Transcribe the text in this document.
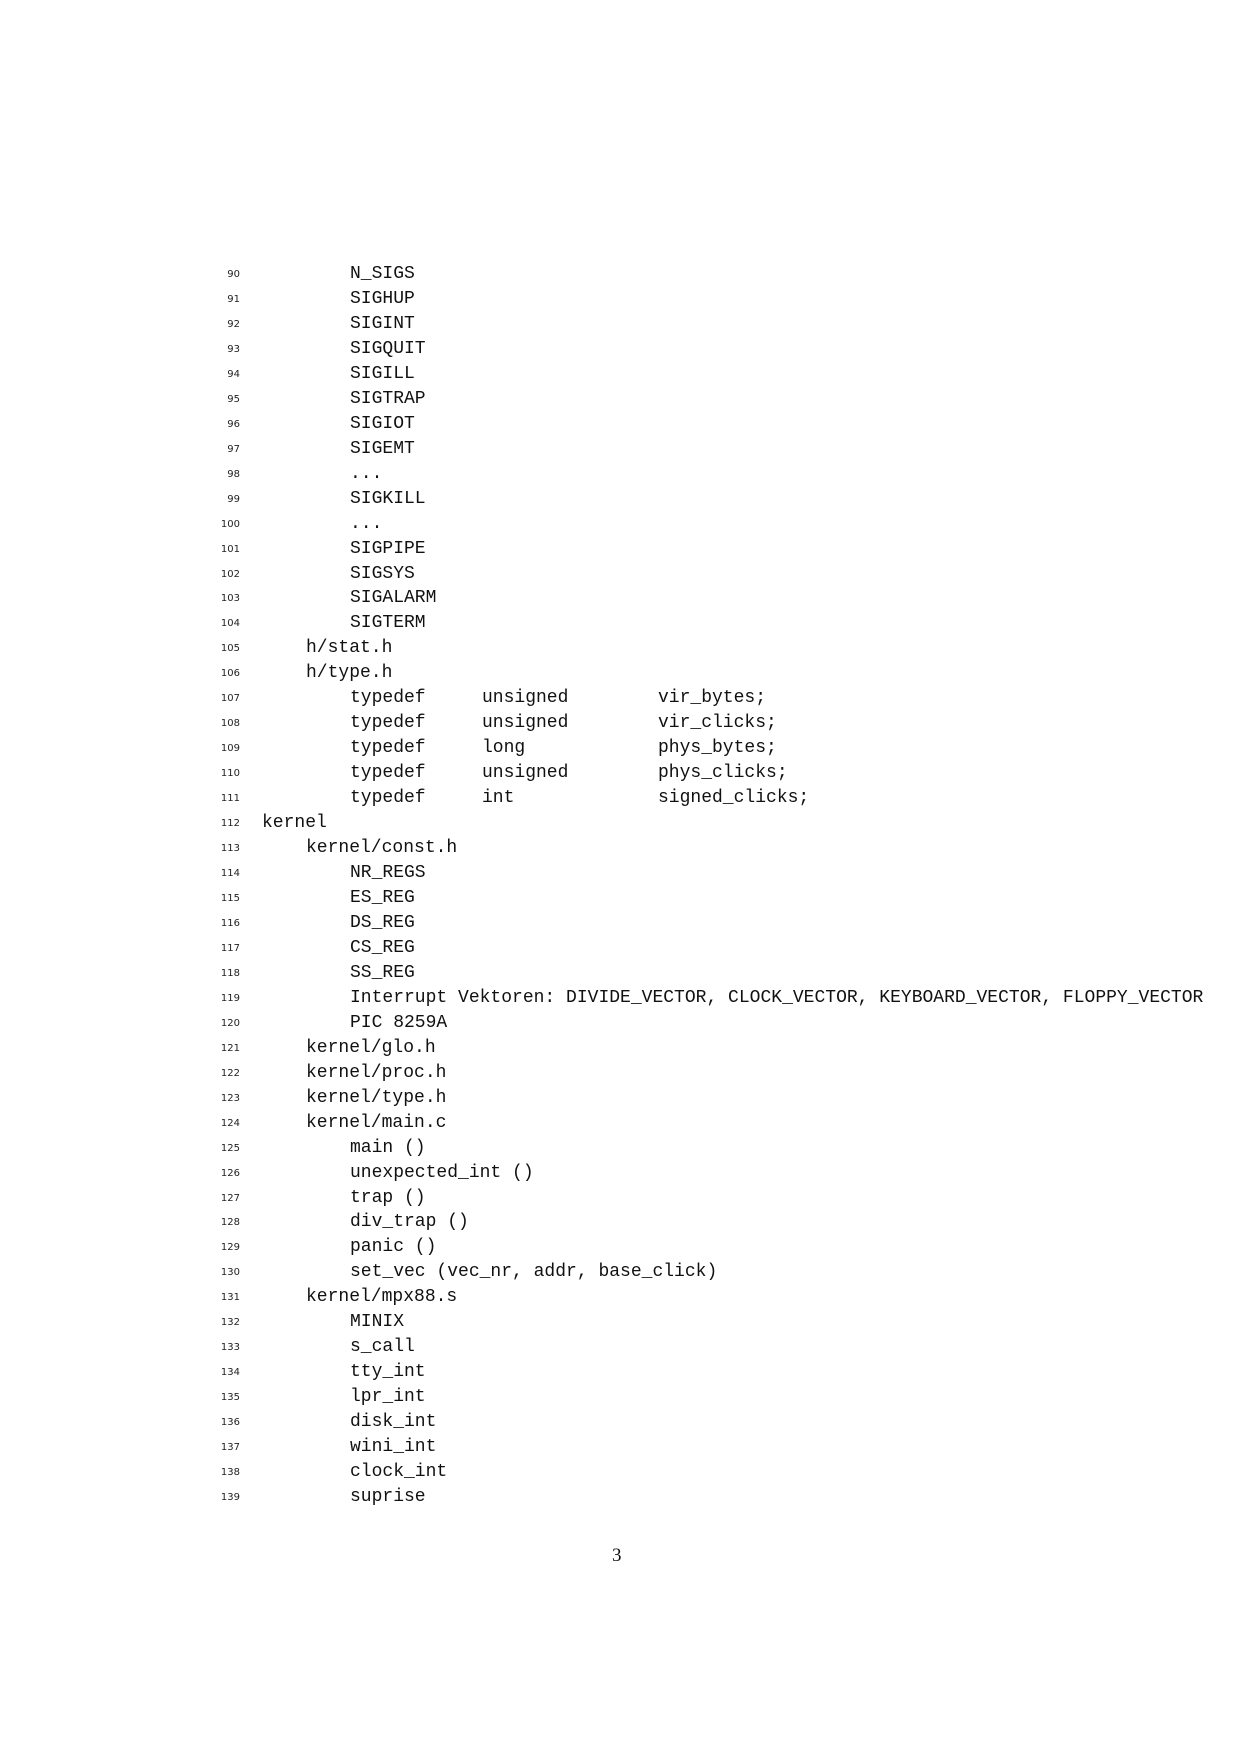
90	N_SIGS
91	SIGHUP
92	SIGINT
93	SIGQUIT
94	SIGILL
95	SIGTRAP
96	SIGIOT
97	SIGEMT
98	...
99	SIGKILL
100	...
101	SIGPIPE
102	SIGSYS
103	SIGALARM
104	SIGTERM
105	h/stat.h
106	h/type.h
107	typedef	unsigned	vir_bytes;
108	typedef	unsigned	vir_clicks;
109	typedef	long	phys_bytes;
110	typedef	unsigned	phys_clicks;
111	typedef	int	signed_clicks;
112 kernel
113	kernel/const.h
114	NR_REGS
115	ES_REG
116	DS_REG
117	CS_REG
118	SS_REG
119	Interrupt Vektoren: DIVIDE_VECTOR, CLOCK_VECTOR, KEYBOARD_VECTOR, FLOPPY_VECTOR
120	PIC 8259A
121	kernel/glo.h
122	kernel/proc.h
123	kernel/type.h
124	kernel/main.c
125	main ()
126	unexpected_int ()
127	trap ()
128	div_trap ()
129	panic ()
130	set_vec (vec_nr, addr, base_click)
131	kernel/mpx88.s
132	MINIX
133	s_call
134	tty_int
135	lpr_int
136	disk_int
137	wini_int
138	clock_int
139	suprise
3
